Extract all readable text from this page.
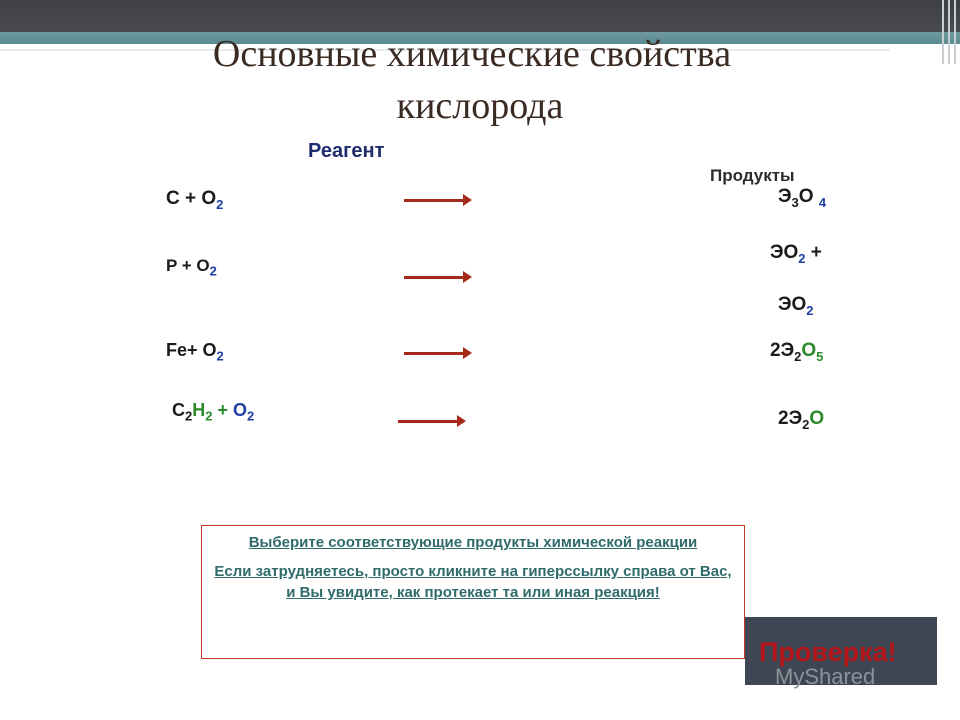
Основные химические свойства
кислорода
Реагент
Продукты
$C + O_2$
$P + O_2$
$Fe+ O_2$
$C_2H_2 + O_2$
$Э_3O$ $_4$
$ЭO_2$ +
$ЭO_2$
$2Э_2O_5$
$2Э_2O$
Выберите соответствующие продукты химической реакции
Если затрудняетесь, просто кликните на гиперссылку справа от Вас, и Вы увидите, как протекает та или иная реакция!
Проверка!
MyShared
